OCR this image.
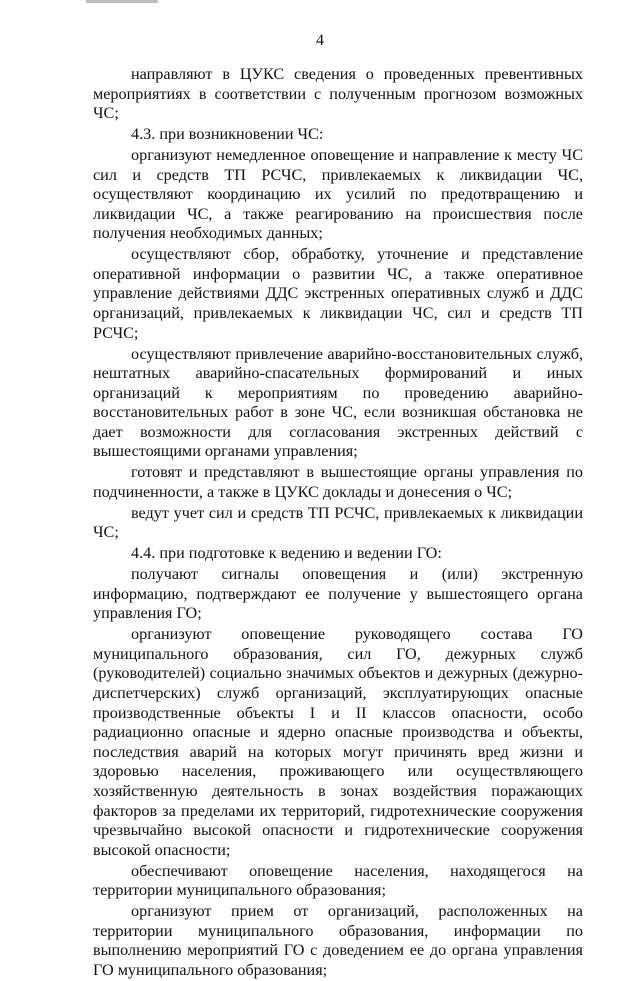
4

направляют в ЦУКС сведения о проведенных превентивных мероприятиях в соответствии с полученным прогнозом возможных ЧС;

4.3. при возникновении ЧС:

организуют немедленное оповещение и направление к месту ЧС сил и средств ТП РСЧС, привлекаемых к ликвидации ЧС, осуществляют координацию их усилий по предотвращению и ликвидации ЧС, а также реагированию на происшествия после получения необходимых данных;

осуществляют сбор, обработку, уточнение и представление оперативной информации о развитии ЧС, а также оперативное управление действиями ДДС экстренных оперативных служб и ДДС организаций, привлекаемых к ликвидации ЧС, сил и средств ТП РСЧС;

осуществляют привлечение аварийно-восстановительных служб, нештатных аварийно-спасательных формирований и иных организаций к мероприятиям по проведению аварийно-восстановительных работ в зоне ЧС, если возникшая обстановка не дает возможности для согласования экстренных действий с вышестоящими органами управления;

готовят и представляют в вышестоящие органы управления по подчиненности, а также в ЦУКС доклады и донесения о ЧС;

ведут учет сил и средств ТП РСЧС, привлекаемых к ликвидации ЧС;

4.4. при подготовке к ведению и ведении ГО:

получают сигналы оповещения и (или) экстренную информацию, подтверждают ее получение у вышестоящего органа управления ГО;

организуют оповещение руководящего состава ГО муниципального образования, сил ГО, дежурных служб (руководителей) социально значимых объектов и дежурных (дежурно-диспетчерских) служб организаций, эксплуатирующих опасные производственные объекты I и II классов опасности, особо радиационно опасные и ядерно опасные производства и объекты, последствия аварий на которых могут причинять вред жизни и здоровью населения, проживающего или осуществляющего хозяйственную деятельность в зонах воздействия поражающих факторов за пределами их территорий, гидротехнические сооружения чрезвычайно высокой опасности и гидротехнические сооружения высокой опасности;

обеспечивают оповещение населения, находящегося на территории муниципального образования;

организуют прием от организаций, расположенных на территории муниципального образования, информации по выполнению мероприятий ГО с доведением ее до органа управления ГО муниципального образования;
